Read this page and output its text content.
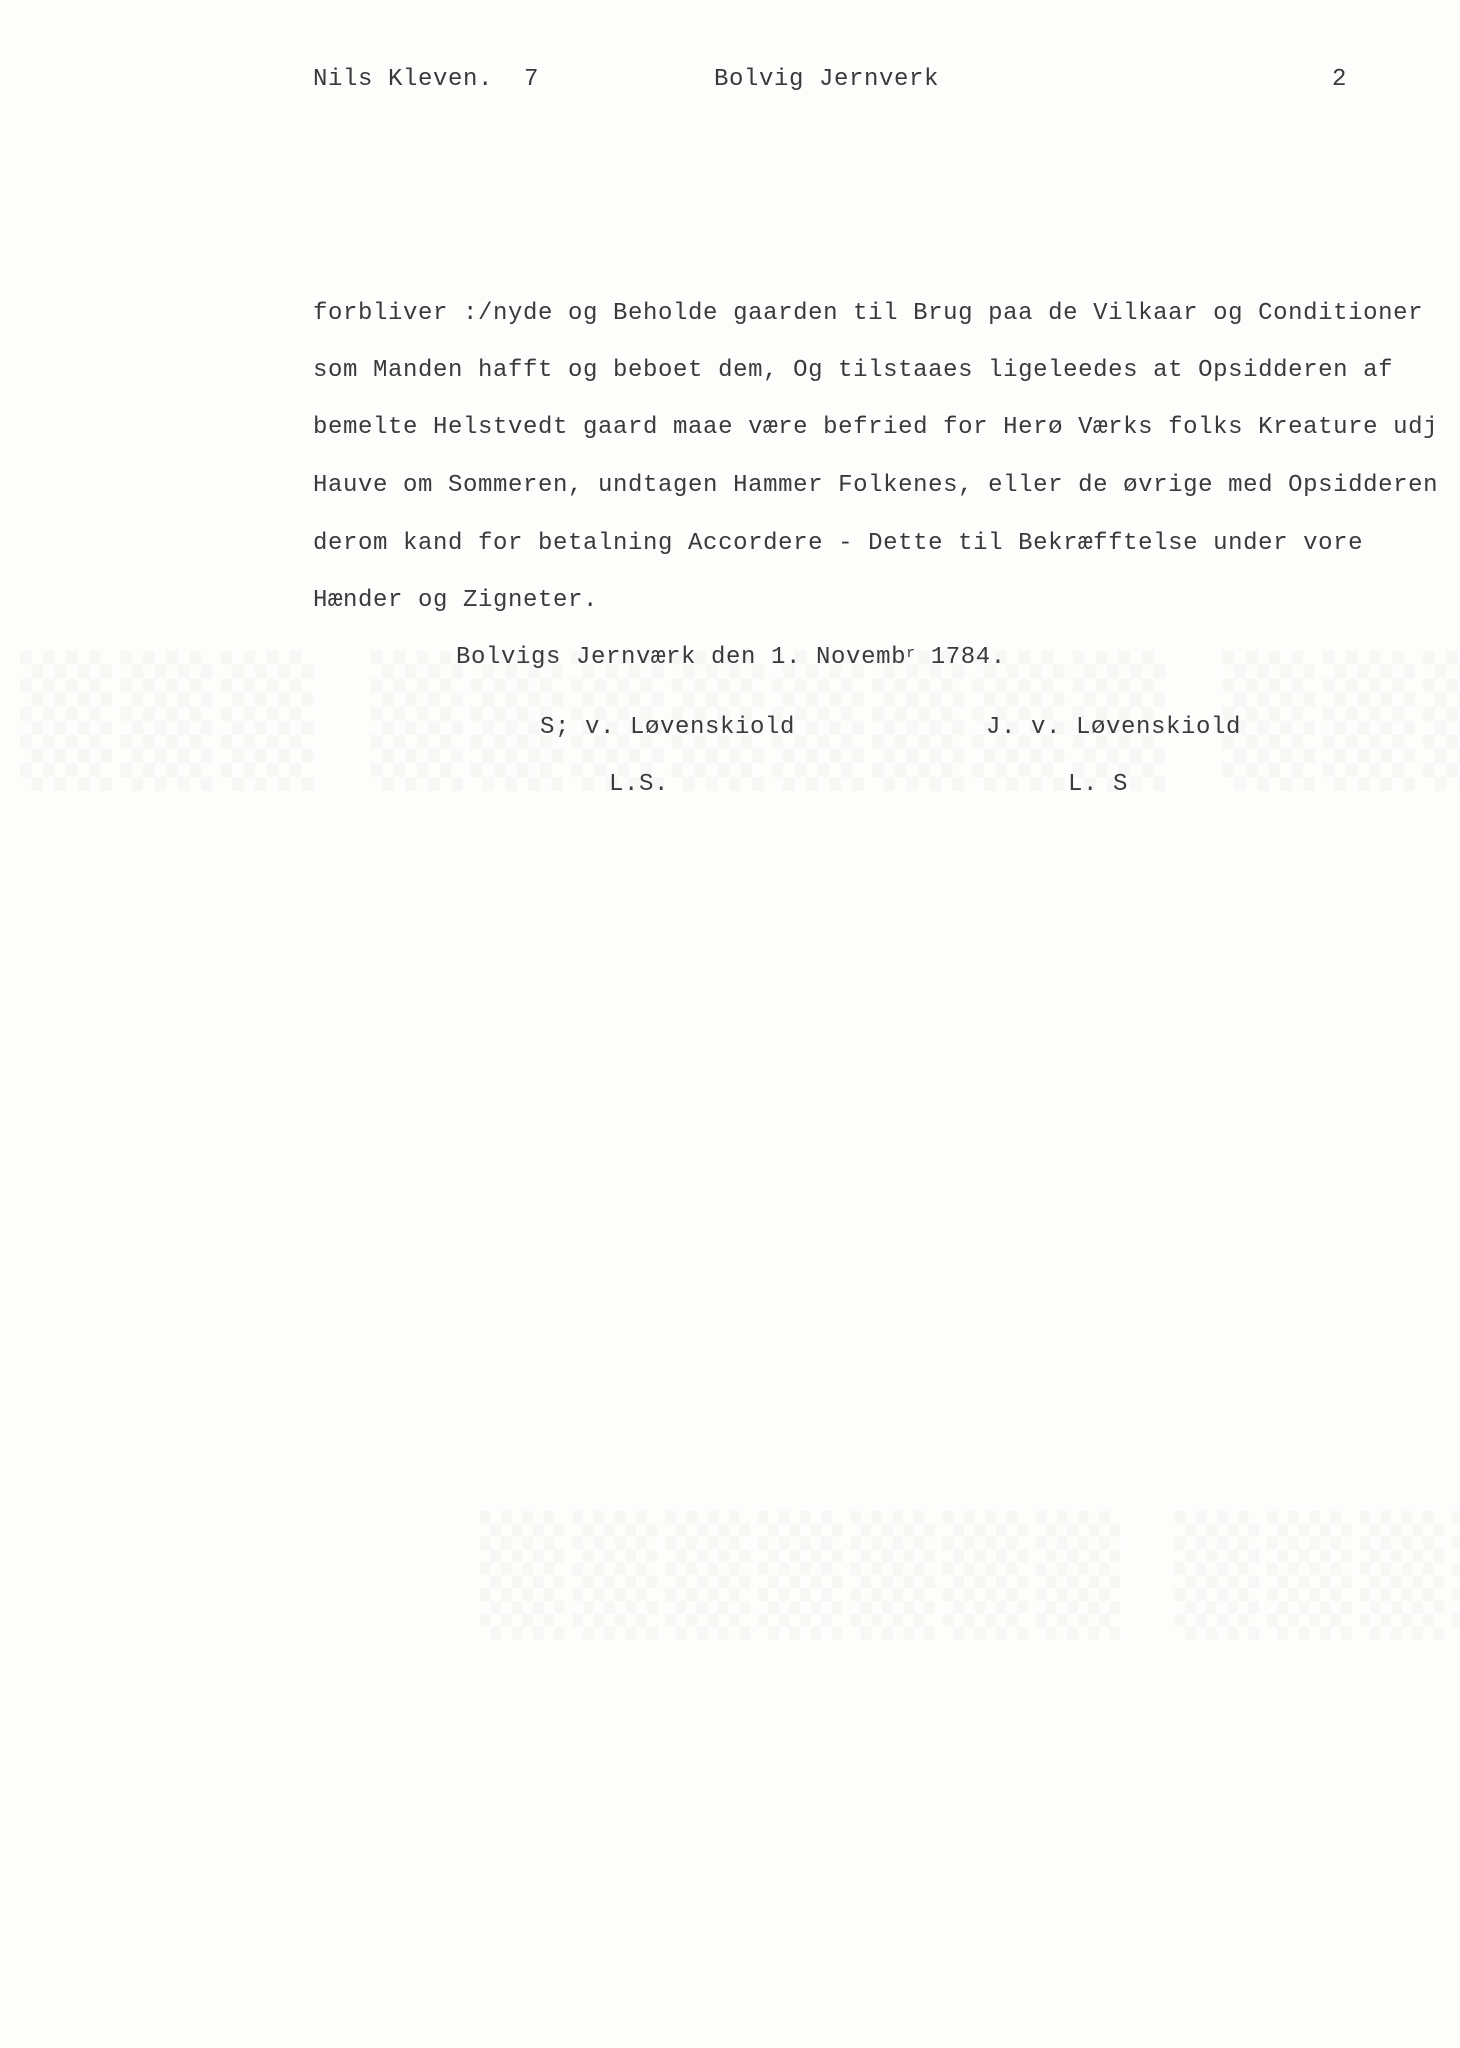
Nils Kleven. 7	Bolvig Jernverk	2
forbliver :/nyde og Beholde gaarden til Brug paa de Vilkaar og Conditioner
som Manden hafft og beboet dem, Og tilstaaes ligeleedes at Opsidderen af
bemelte Helstvedt gaard maae være befried for Herø Værks folks Kreature udj
Hauve om Sommeren, undtagen Hammer Folkenes, eller de øvrige med Opsidderen
derom kand for betalning Accordere - Dette til Bekræfftelse under vore
Hænder og Zigneter.
Bolvigs Jernværk den 1. Novemb$^r$ 1784.
S; v. Løvenskiold	J. v. Løvenskiold
L.S.	L. S
